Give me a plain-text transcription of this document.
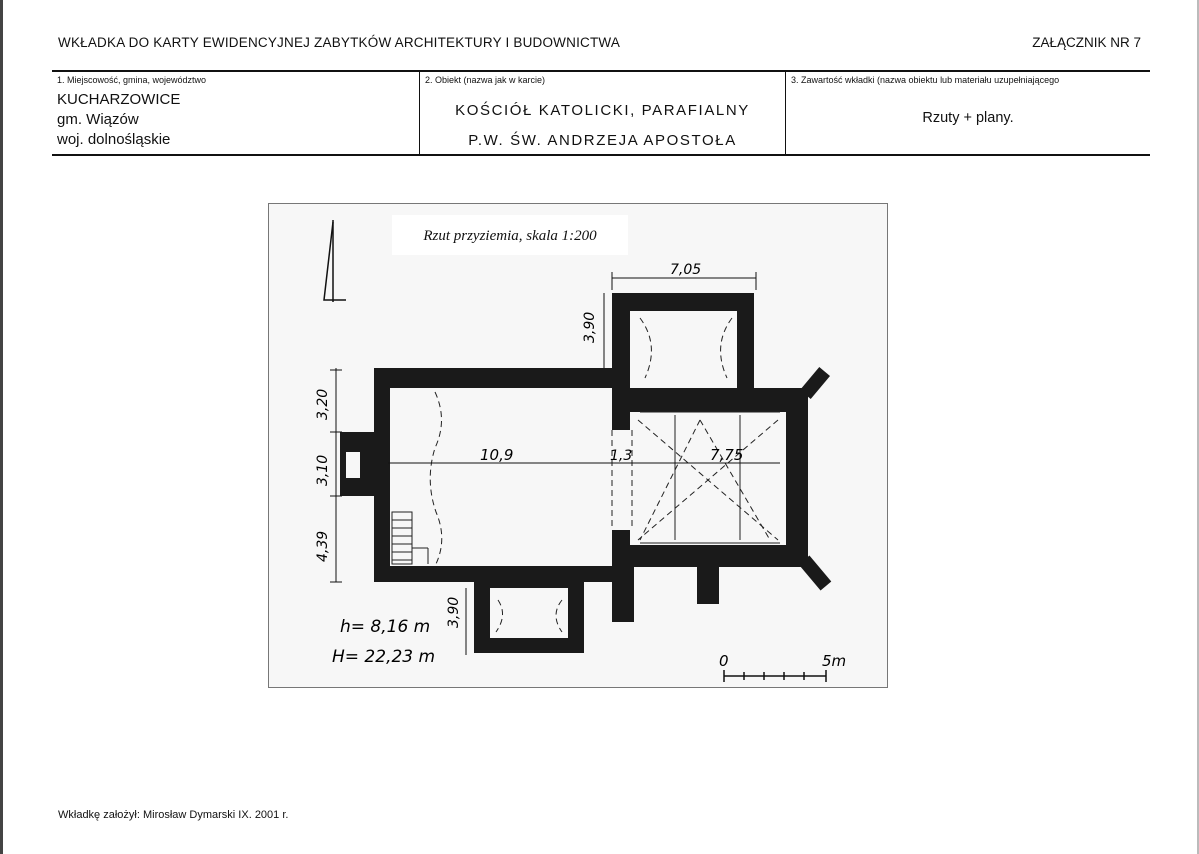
WKŁADKA DO KARTY EWIDENCYJNEJ ZABYTKÓW ARCHITEKTURY I BUDOWNICTWA	ZAŁĄCZNIK NR 7
1. Miejscowość, gmina, województwo
KUCHARZOWICE
gm. Wiązów
woj. dolnośląskie
2. Obiekt (nazwa jak w karcie)
KOŚCIÓŁ KATOLICKI, PARAFIALNY
P.W. ŚW. ANDRZEJA APOSTOŁA
3. Zawartość wkładki (nazwa obiektu lub materiału uzupełniającego
Rzuty + plany.
Rzut przyziemia, skala 1:200
7,05
3,90
3,20
3,10
4,39
10,9	1,3	7,75
3,90
h= 8,16 m
H= 22,23 m	0	5m
Wkładkę założył: Mirosław Dymarski IX. 2001 r.
